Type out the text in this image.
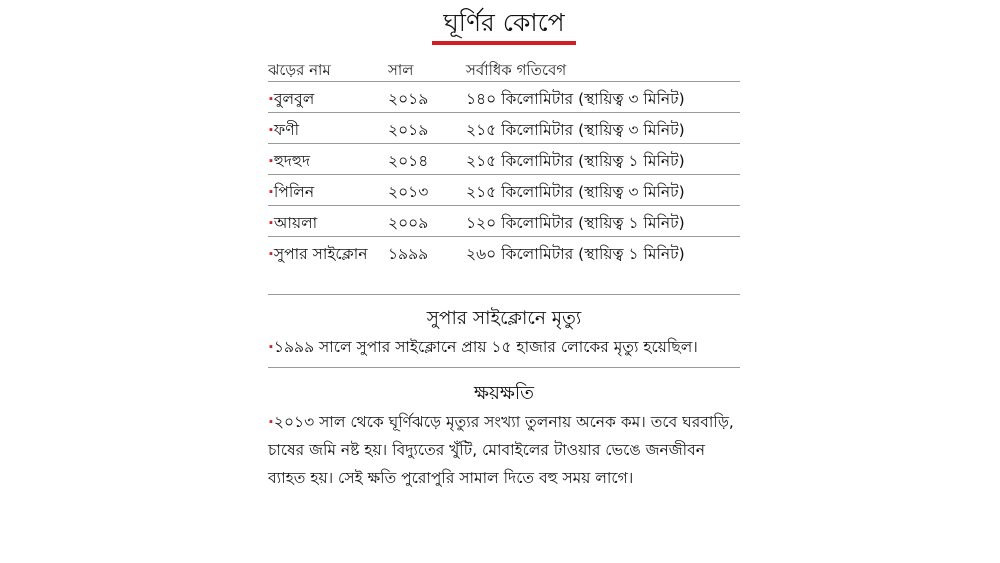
ঘূর্ণির কোপে
ঝড়ের নাম	সাল	সর্বাধিক গতিবেগ
·বুলবুল	২০১৯	১৪০ কিলোমিটার (স্থায়িত্ব ৩ মিনিট)
·ফণী	২০১৯	২১৫ কিলোমিটার (স্থায়িত্ব ৩ মিনিট)
·হুদহুদ	২০১৪	২১৫ কিলোমিটার (স্থায়িত্ব ১ মিনিট)
·পিলিন	২০১৩	২১৫ কিলোমিটার (স্থায়িত্ব ৩ মিনিট)
·আয়লা	২০০৯	১২০ কিলোমিটার (স্থায়িত্ব ১ মিনিট)
·সুপার সাইক্লোন	১৯৯৯	২৬০ কিলোমিটার (স্থায়িত্ব ১ মিনিট)
সুপার সাইক্লোনে মৃত্যু
·১৯৯৯ সালে সুপার সাইক্লোনে প্রায় ১৫ হাজার লোকের মৃত্যু হয়েছিল।
ক্ষয়ক্ষতি
·২০১৩ সাল থেকে ঘূর্ণিঝড়ে মৃত্যুর সংখ্যা তুলনায় অনেক কম। তবে ঘরবাড়ি, চাষের জমি নষ্ট হয়। বিদ্যুতের খুঁটি, মোবাইলের টাওয়ার ভেঙে জনজীবন ব্যাহত হয়। সেই ক্ষতি পুরোপুরি সামাল দিতে বহু সময় লাগে।
